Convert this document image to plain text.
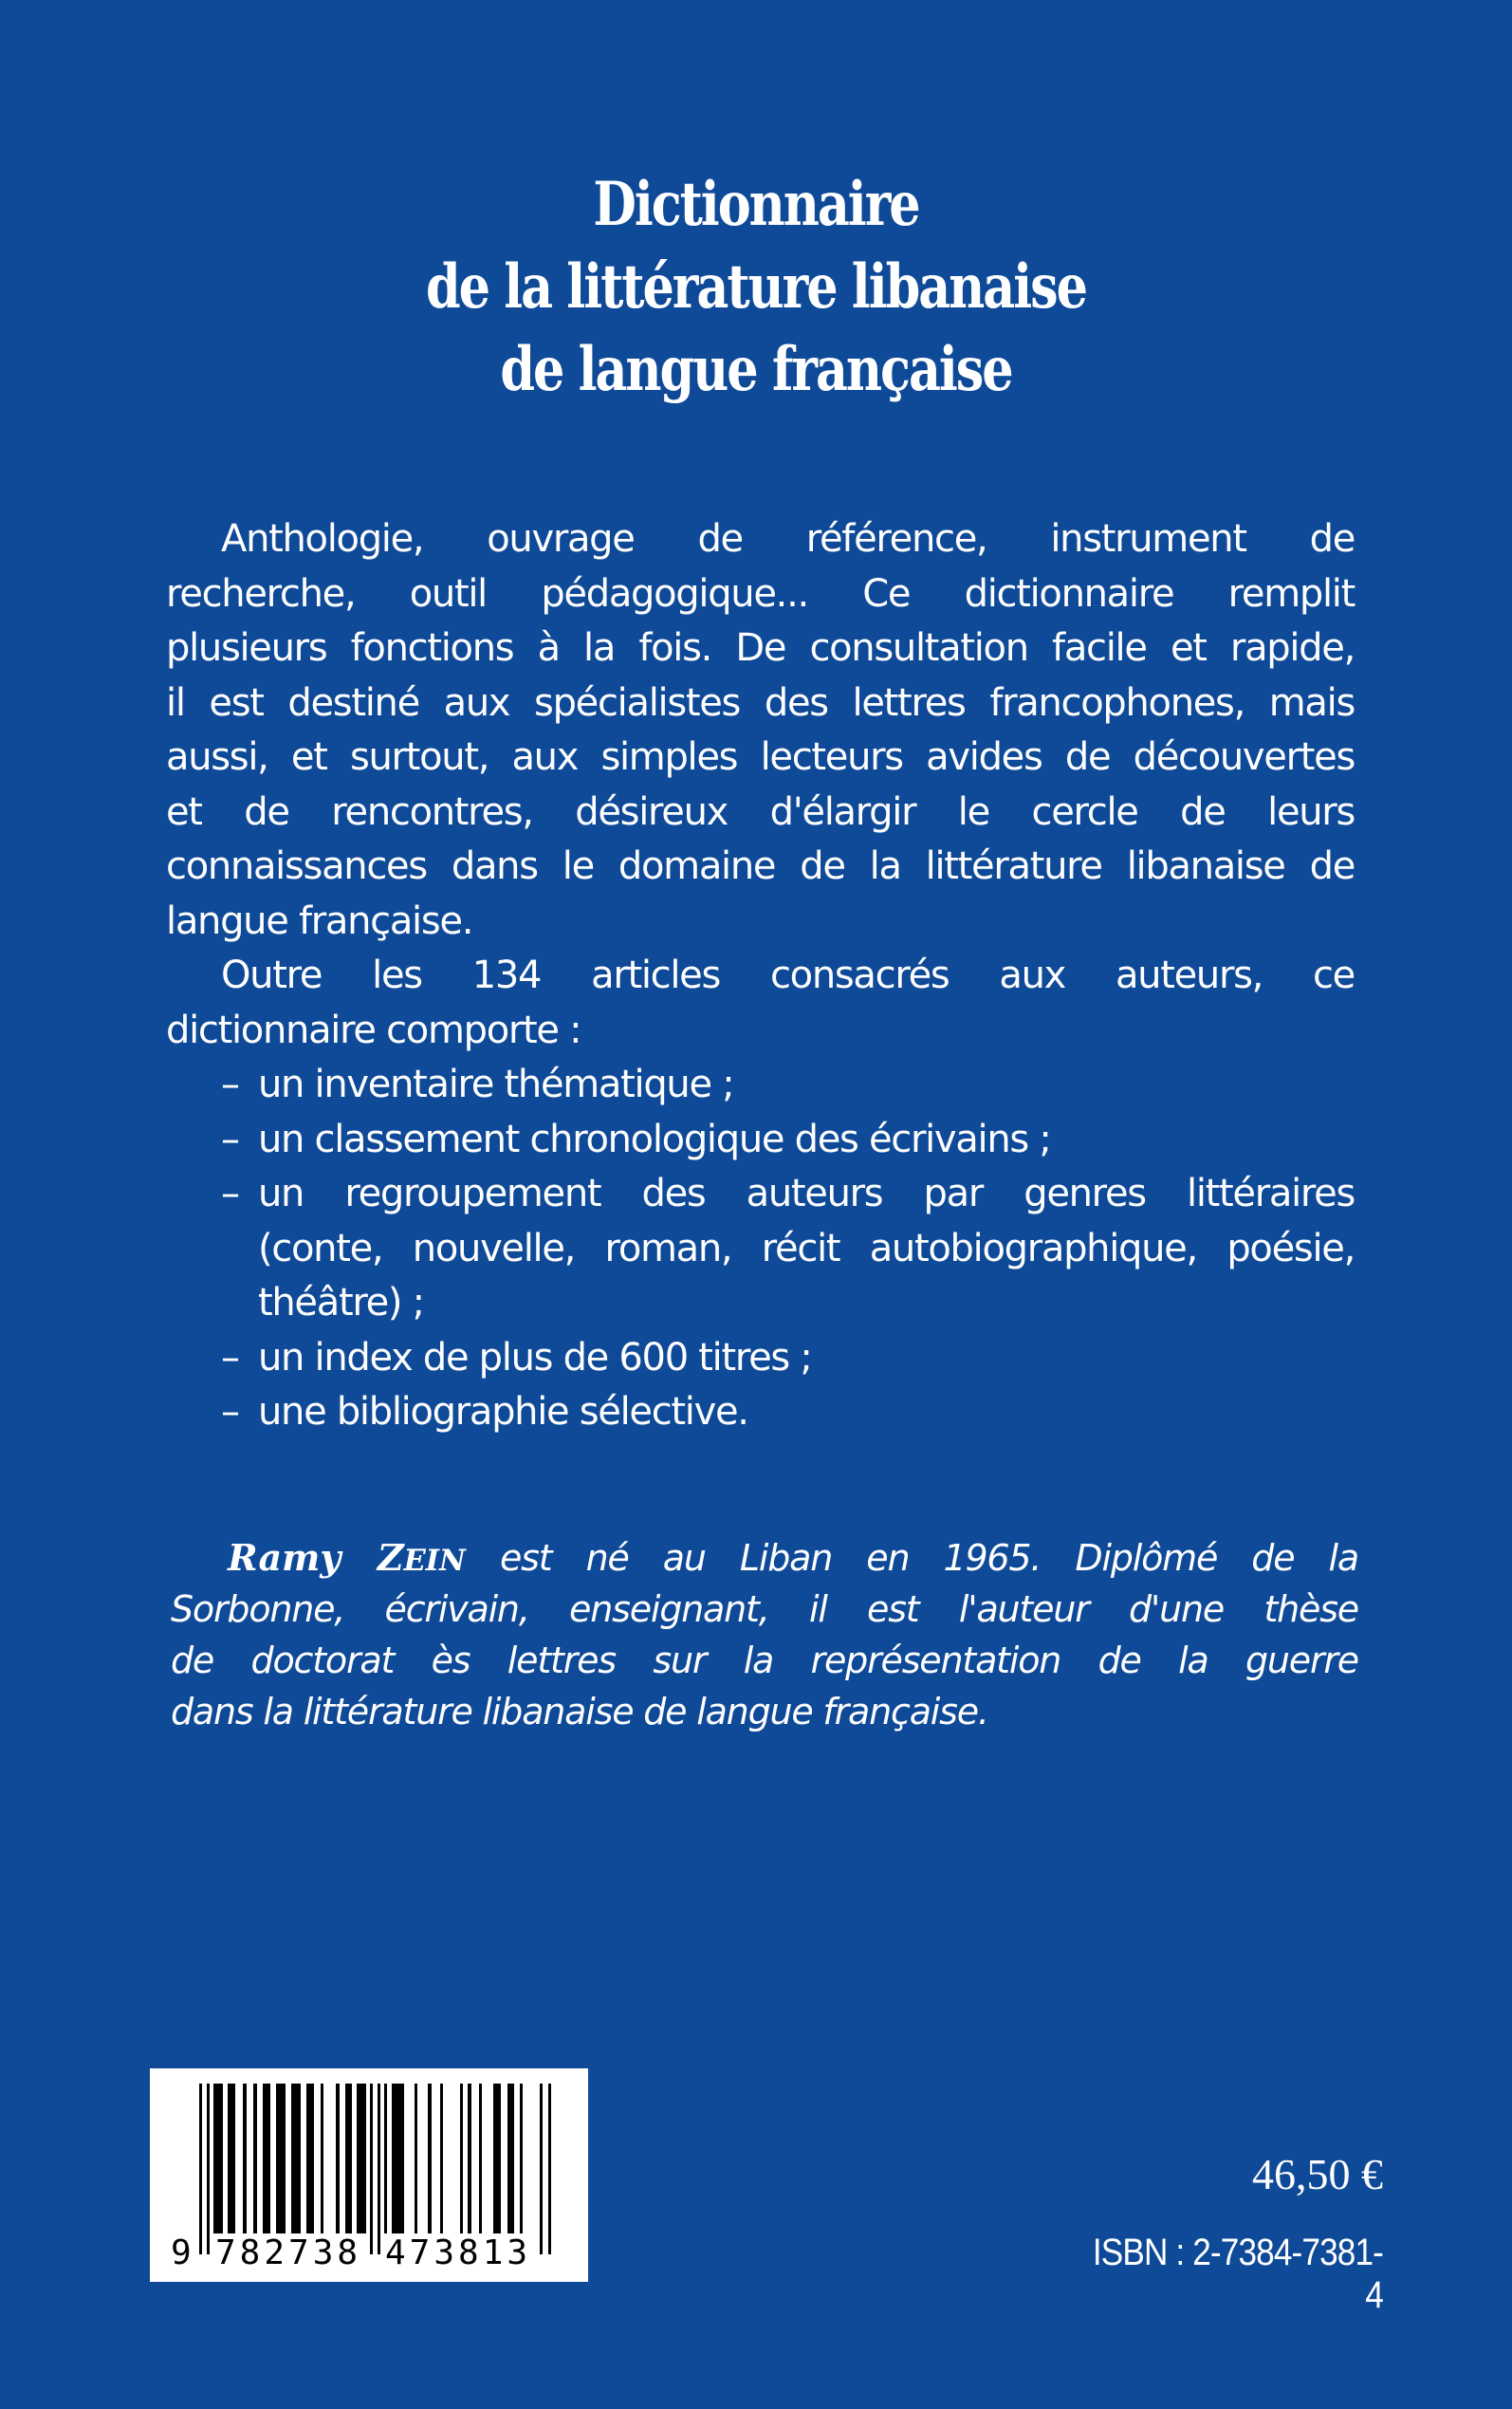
Dictionnaire
de la littérature libanaise
de langue française
Anthologie, ouvrage de référence, instrument de
recherche, outil pédagogique... Ce dictionnaire remplit
plusieurs fonctions à la fois. De consultation facile et rapide,
il est destiné aux spécialistes des lettres francophones, mais
aussi, et surtout, aux simples lecteurs avides de découvertes
et de rencontres, désireux d'élargir le cercle de leurs
connaissances dans le domaine de la littérature libanaise de
langue française.
Outre les 134 articles consacrés aux auteurs, ce
dictionnaire comporte :
– un inventaire thématique ;
– un classement chronologique des écrivains ;
– un regroupement des auteurs par genres littéraires
(conte, nouvelle, roman, récit autobiographique, poésie,
théâtre) ;
– un index de plus de 600 titres ;
– une bibliographie sélective.
Ramy ZEIN est né au Liban en 1965. Diplômé de la
Sorbonne, écrivain, enseignant, il est l'auteur d'une thèse
de doctorat ès lettres sur la représentation de la guerre
dans la littérature libanaise de langue française.
9 782738 473813
46,50 €
ISBN : 2-7384-7381-4
